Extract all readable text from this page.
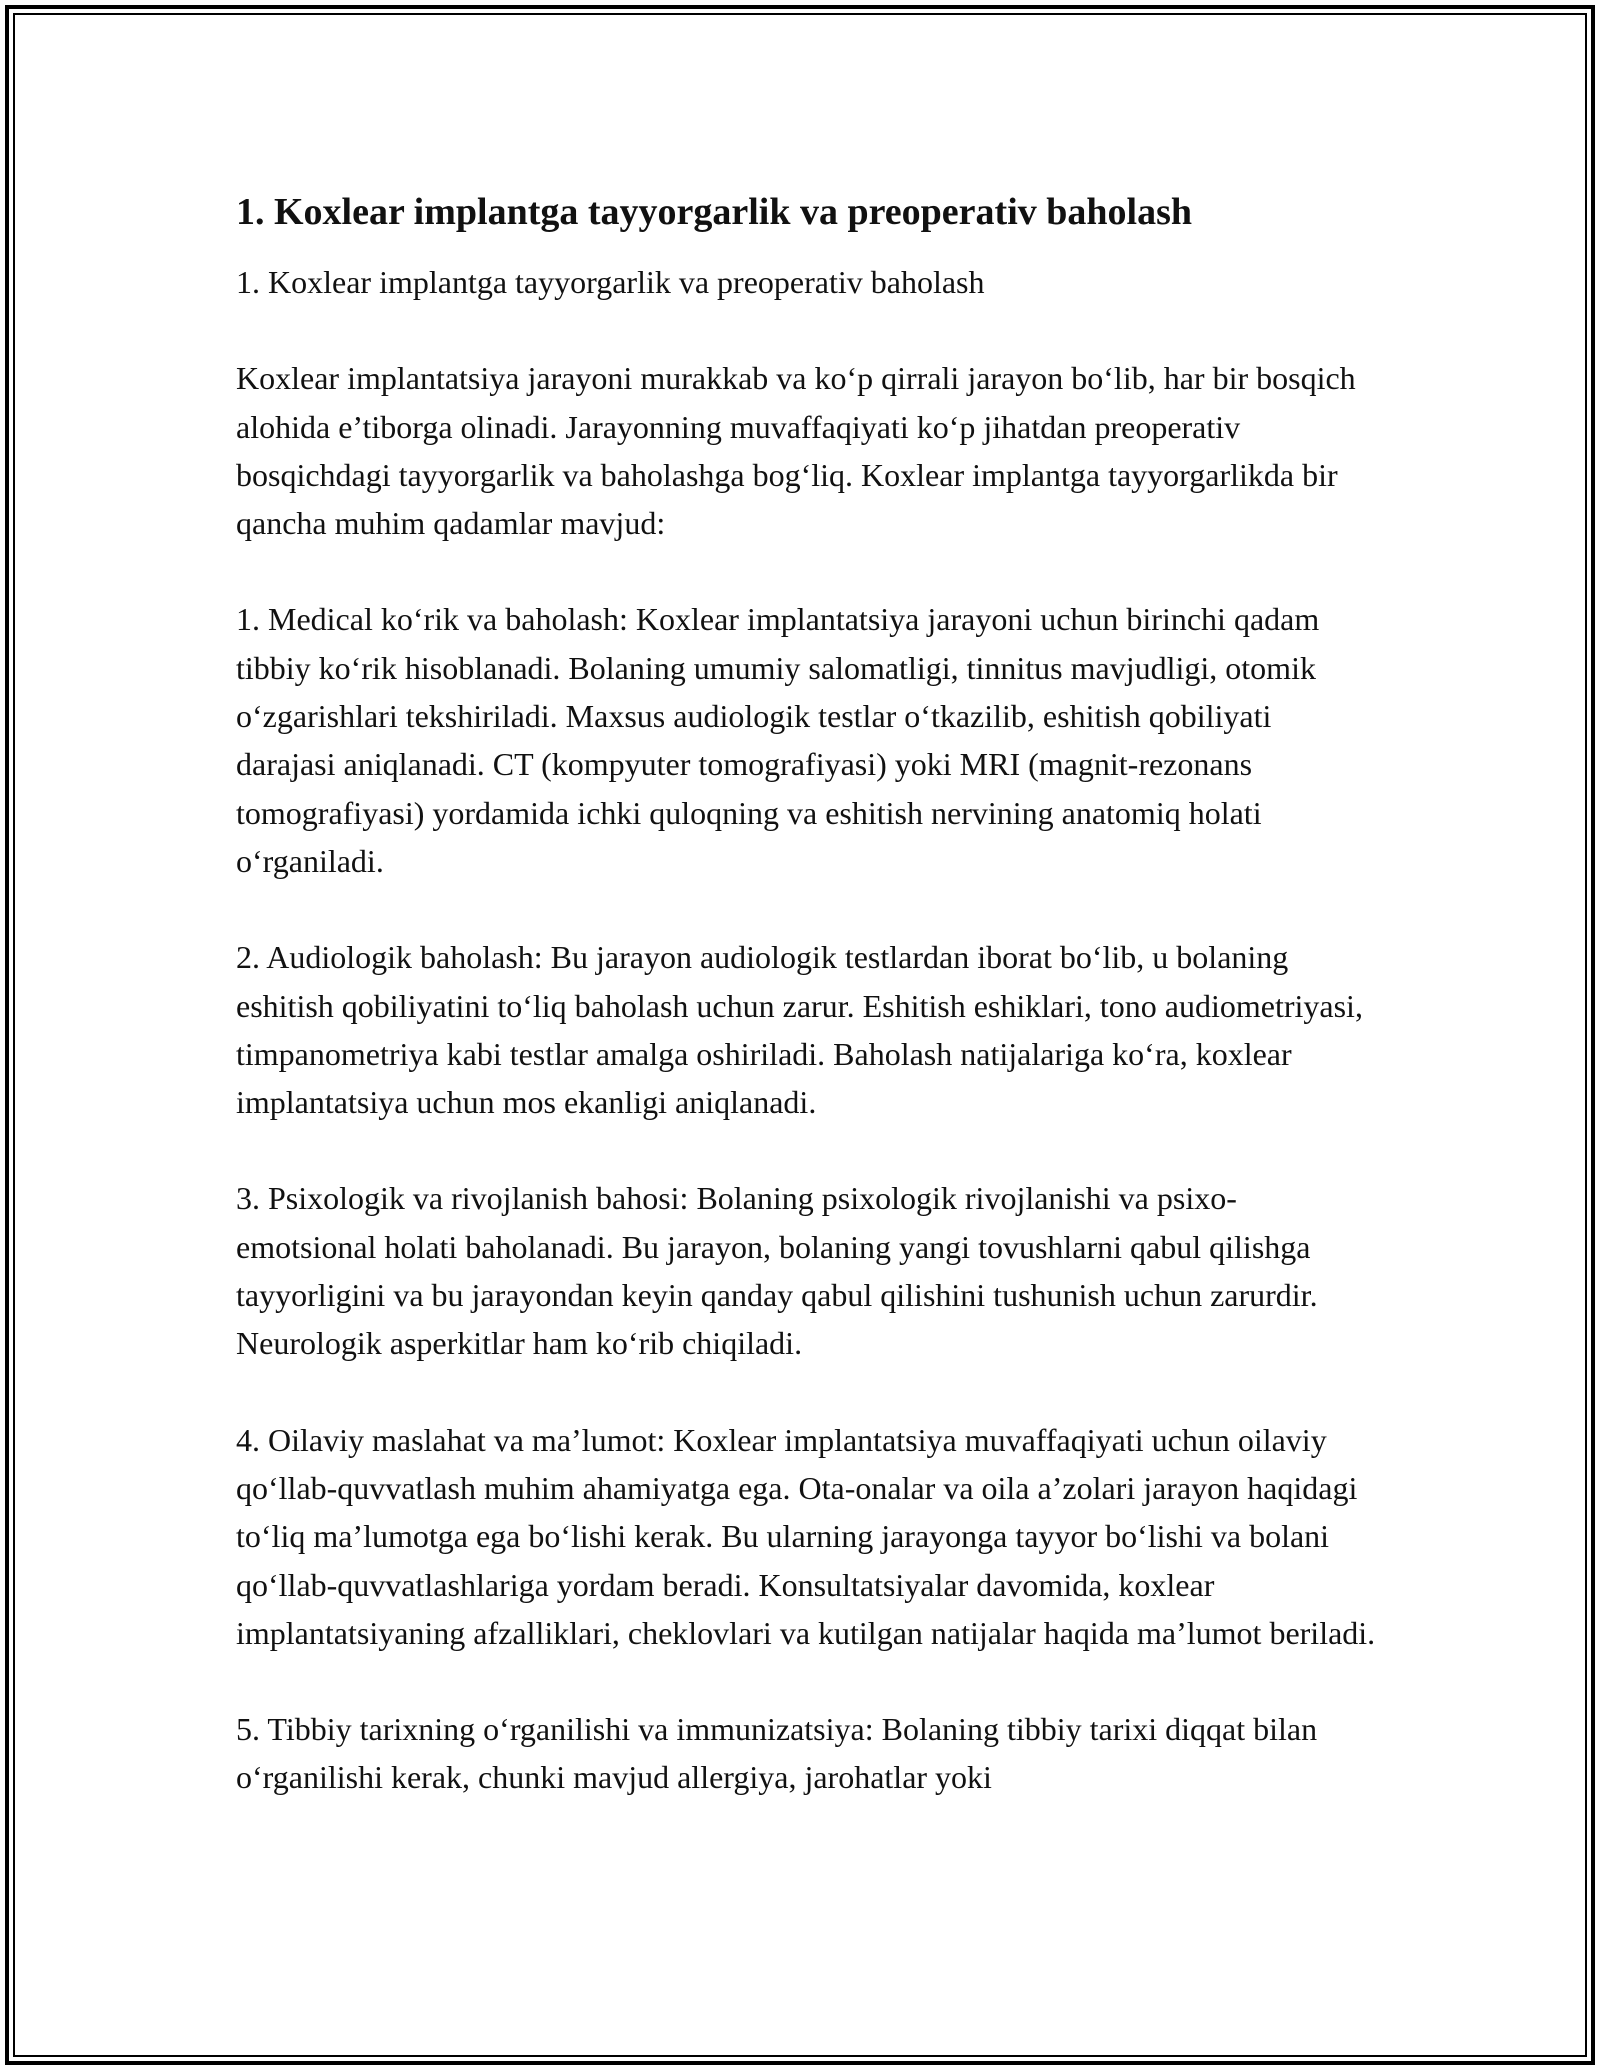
1. Koxlear implantga tayyorgarlik va preoperativ baholash

1. Koxlear implantga tayyorgarlik va preoperativ baholash

Koxlear implantatsiya jarayoni murakkab va ko‘p qirrali jarayon bo‘lib, har bir bosqich alohida e’tiborga olinadi. Jarayonning muvaffaqiyati ko‘p jihatdan preoperativ bosqichdagi tayyorgarlik va baholashga bog‘liq. Koxlear implantga tayyorgarlikda bir qancha muhim qadamlar mavjud:

1. Medical ko‘rik va baholash: Koxlear implantatsiya jarayoni uchun birinchi qadam tibbiy ko‘rik hisoblanadi. Bolaning umumiy salomatligi, tinnitus mavjudligi, otomik o‘zgarishlari tekshiriladi. Maxsus audiologik testlar o‘tkazilib, eshitish qobiliyati darajasi aniqlanadi. CT (kompyuter tomografiyasi) yoki MRI (magnit-rezonans tomografiyasi) yordamida ichki quloqning va eshitish nervining anatomiq holati o‘rganiladi.

2. Audiologik baholash: Bu jarayon audiologik testlardan iborat bo‘lib, u bolaning eshitish qobiliyatini to‘liq baholash uchun zarur. Eshitish eshiklari, tono audiometriyasi, timpanometriya kabi testlar amalga oshiriladi. Baholash natijalariga ko‘ra, koxlear implantatsiya uchun mos ekanligi aniqlanadi.

3. Psixologik va rivojlanish bahosi: Bolaning psixologik rivojlanishi va psixo-emotsional holati baholanadi. Bu jarayon, bolaning yangi tovushlarni qabul qilishga tayyorligini va bu jarayondan keyin qanday qabul qilishini tushunish uchun zarurdir. Neurologik asperkitlar ham ko‘rib chiqiladi.

4. Oilaviy maslahat va ma’lumot: Koxlear implantatsiya muvaffaqiyati uchun oilaviy qo‘llab-quvvatlash muhim ahamiyatga ega. Ota-onalar va oila a’zolari jarayon haqidagi to‘liq ma’lumotga ega bo‘lishi kerak. Bu ularning jarayonga tayyor bo‘lishi va bolani qo‘llab-quvvatlashlariga yordam beradi. Konsultatsiyalar davomida, koxlear implantatsiyaning afzalliklari, cheklovlari va kutilgan natijalar haqida ma’lumot beriladi.

5. Tibbiy tarixning o‘rganilishi va immunizatsiya: Bolaning tibbiy tarixi diqqat bilan o‘rganilishi kerak, chunki mavjud allergiya, jarohatlar yoki
